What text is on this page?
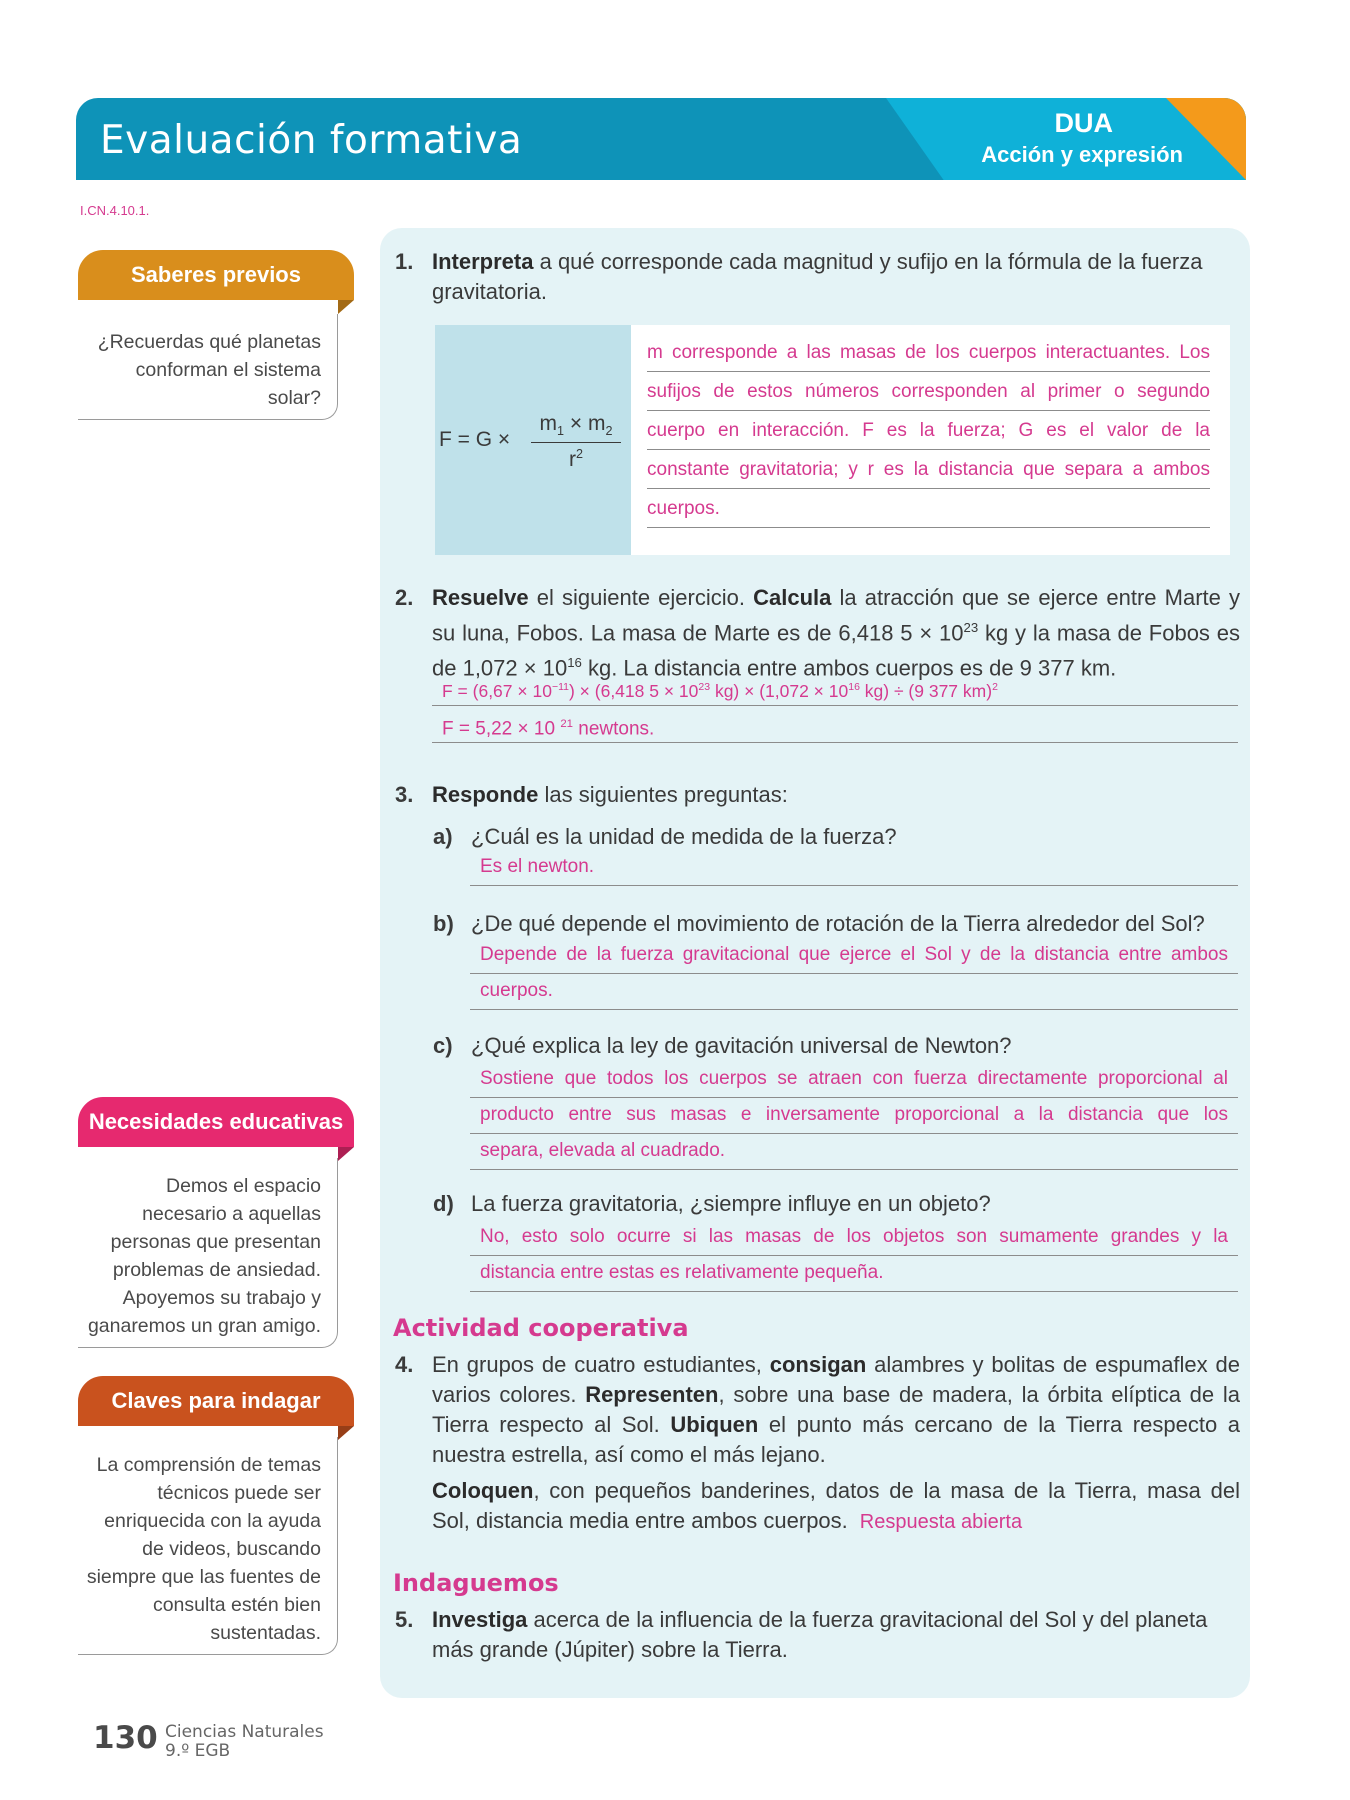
Evaluación formativa	DUA
Acción y expresión
I.CN.4.10.1.
Saberes previos
¿Recuerdas qué planetas conforman el sistema solar?
Necesidades educativas
Demos el espacio necesario a aquellas personas que presentan problemas de ansiedad. Apoyemos su trabajo y ganaremos un gran amigo.
Claves para indagar
La comprensión de temas técnicos puede ser enriquecida con la ayuda de videos, buscando siempre que las fuentes de consulta estén bien sustentadas.
1. Interpreta a qué corresponde cada magnitud y sufijo en la fórmula de la fuerza gravitatoria.
$F = G \times \frac{m_1 \times m_2}{r^2}$
m corresponde a las masas de los cuerpos interactuantes. Los
sufijos de estos números corresponden al primer o segundo
cuerpo en interacción. F es la fuerza; G es el valor de la
constante gravitatoria; y r es la distancia que separa a ambos
cuerpos.
2. Resuelve el siguiente ejercicio. Calcula la atracción que se ejerce entre Marte y su luna, Fobos. La masa de Marte es de 6,418 $5 \times 10^{23}$ kg y la masa de Fobos es de $1,072 \times 10^{16}$ kg. La distancia entre ambos cuerpos es de 9 377 km.
$F = (6,67 \times 10^{-11}) \times (6,418$ $5 \times 10^{23}$ $kg) \times (1,072 \times 10^{16}$ kg) ÷ (9 377 km)$^2$
F = 5,22 × 10 $^{21}$ newtons.
3. Responde las siguientes preguntas:
a) ¿Cuál es la unidad de medida de la fuerza?
Es el newton.
b) ¿De qué depende el movimiento de rotación de la Tierra alrededor del Sol?
Depende de la fuerza gravitacional que ejerce el Sol y de la distancia entre ambos
cuerpos.
c) ¿Qué explica la ley de gavitación universal de Newton?
Sostiene que todos los cuerpos se atraen con fuerza directamente proporcional al
producto entre sus masas e inversamente proporcional a la distancia que los
separa, elevada al cuadrado.
d) La fuerza gravitatoria, ¿siempre influye en un objeto?
No, esto solo ocurre si las masas de los objetos son sumamente grandes y la
distancia entre estas es relativamente pequeña.
Actividad cooperativa
4. En grupos de cuatro estudiantes, consigan alambres y bolitas de espumaflex de varios colores. Representen, sobre una base de madera, la órbita elíptica de la Tierra respecto al Sol. Ubiquen el punto más cercano de la Tierra respecto a nuestra estrella, así como el más lejano.
Coloquen, con pequeños banderines, datos de la masa de la Tierra, masa del Sol, distancia media entre ambos cuerpos. Respuesta abierta
Indaguemos
5. Investiga acerca de la influencia de la fuerza gravitacional del Sol y del planeta más grande (Júpiter) sobre la Tierra.
130 Ciencias Naturales
9.º EGB
